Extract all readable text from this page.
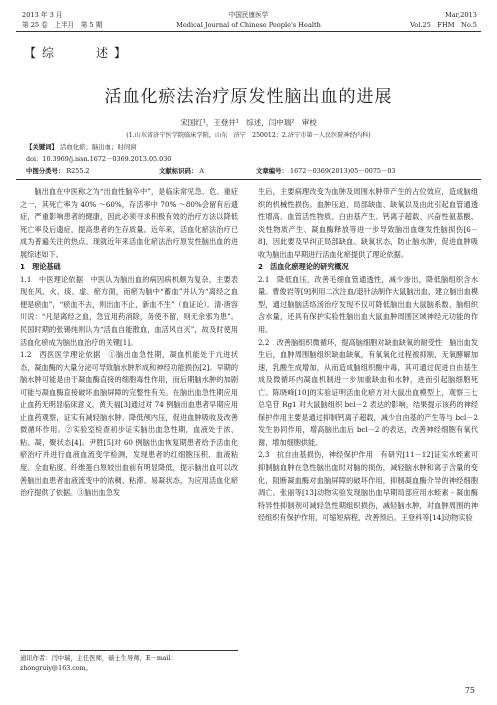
2013 年 3 月
第 25 卷　上半月　第 5 期
中国民康医学
Medical Journal of Chinese People's Health
Mar,2013
Vol.25　FHM　No.5
【综　　述】
活血化瘀法治疗原发性脑出血的进展
宋国红¹，王登井¹　综述，闫中瑞²　审校
(1.山东省济宁医学院临床学院，山东　济宁　250012；2.济宁市第一人民医院神经内科)
【关键词】 活血化瘀；脑出血；时间窗
doi：10.3969/j.issn.1672－0369.2013.05.030
中图分类号： R255.2	文献标识码： A	文章编号： 1672－0369(2013)05－0075－03

　　脑出血在中医称之为“出血性脑卒中”，是临床常见急、危、重症之一，其死亡率为 40% ～60%，存活率中 70% ～80%会留有后遗症，严重影响患者的健康，因此必须寻求积极有效的治疗方法以降低死亡率及后遗症，提高患者的生存质量。近年来，活血化瘀法治疗已成为普遍关注的热点。现就近年来活血化瘀法治疗原发性脑出血的进展综述如下。

1　理论基础

1.1　中医理论依据　中医认为脑出血的病因病机颇为复杂，主要表现在风、火、痰、虚、瘀方面，而瘀为脑中“蓄血”并认为“离经之血便是瘀血”，“瘀血不去，则出血不止，新血不生”（血证论）。清·唐容川说：“凡是离经之血，急宜用药消除，务使不留，则无余邪为患”。民国时期的张锡纯则认为“活血自能散血，血活风自灭”，故及时使用活血化瘀成为脑出血治疗的关键[1]。

1.2　西医医学理论依据　①脑出血急性期，凝血机能处于亢进状态，凝血酶的大量分泌可导致脑水肿形成和神经功能损伤[2]。早期的脑水肿可能是由于凝血酶直接的细胞毒性作用，而后期脑水肿的加剧可能与凝血酶直接破坏血脑屏障的完整性有关。在脑出血急性期应用止血药无明显临床意义，黄天福[3]通过对 74 例脑出血患者早期应用止血药观察，证实有减轻脑水肿、降低颅内压，促进血肿吸收及改善微循环作用。②实验室检查初步证实脑出血急性期，血液处于浓、粘、凝、聚状态[4]。尹胜[5]对 60 例脑出血恢复期患者给予活血化瘀治疗并进行血液血流变学检测，发现患者的红细胞压积、血液粘度、全血粘度、纤维蛋白原较出血前有明显降低，提示脑出血可以改善脑出血患者血液流变中的浓稠、粘滞、易凝状态，为应用活血化瘀治疗提供了依据。③脑出血急发

生后，主要病理改变为血肿及周围水肿带产生的占位效应，造成脑组织的机械性损伤。血肿压迫、局部缺血、缺氧以及由此引起血管通透性增高、血管活性物质、白由基产生、钙离子超载、兴奋性氨基酸、炎性物质产生、凝血酶释放等进一步导致脑出血继发性脑损伤[6－8]，因此要及早纠正局部缺血、缺氧状态，防止脑水肿，促进血肿吸收为脑出血早期进行活血化瘀提供了理论依据。

2　活血化瘀理论的研究概况

2.1　降低血压，改善毛细血管通透性，减少渗出，降低脑组织含水量。曹俊岩等[9]利用二次注血/退针法制作大鼠脑出血，建立脑出血模型，通过脑脑活络汤治疗发现不仅可降低脑出血大鼠脑系数、脑组织含水量，还具有保护实验性脑出血大鼠血肿周围区域神经元功能的作用。

2.2　改善脑组织微循环，提高脑细胞对缺血缺氧的耐受性　脑出血发生后，血肿周围脑组织缺血缺氧，有氧氧化过程被抑制，无氧酵解加速，乳酸生成增加，从而造成脑组织酸中毒，其可通过促进自由基生成及微循环内凝血机制进一步加重缺血和水肿，进而引起脑细胞死亡。陈晓峰[10]的实验证明活血化瘀方对大鼠出血模型上，观察三七总皂苷 Rg1 对大鼠脑组织 bcl－2 表达的影响，结果提示该药的神经保护作用主要是通过抑制钙离子超载，减少自由基的产生等与 bcl－2 发生协同作用，增高脑出血后 bcl－2 的表达，改善神经细胞有氧代谢，增加细胞供能。

2.3　抗自由基损伤，神经保护作用　有研究[11－12]证实水蛭素可抑制脑血肿在急性脑出血时对脑的损伤，减轻脑水肿和离子含量的变化，阻断凝血酶对血脑屏障的破坏作用，抑制凝血酶介导的神经细胞凋亡。张丽等[13]动物实验发现脑出血早期局部应用水蛭素 - 凝血酶特异性抑制剂可减轻急性期组织损伤，减轻脑水肿，对血肿周围的神经组织有保护作用，可缩短病程，改善预后。王登科等[14]动物实验

通讯作者：闫中瑞，主任医师，硕士生导师，E－mail：zhongruiy@163.com。
75
